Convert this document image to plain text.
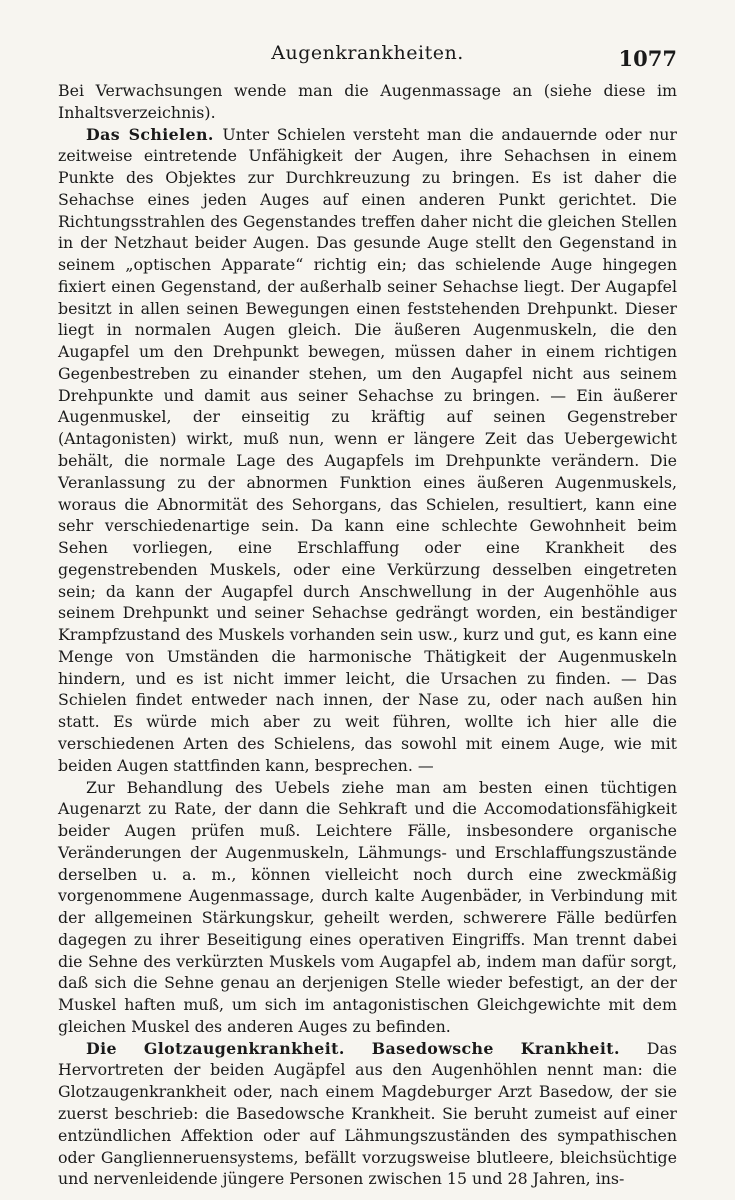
Augenkrankheiten.	1077

Bei Verwachsungen wende man die Augenmassage an (siehe diese im Inhaltsverzeichnis).

Das Schielen. Unter Schielen versteht man die andauernde oder nur zeitweise eintretende Unfähigkeit der Augen, ihre Sehachsen in einem Punkte des Objektes zur Durchkreuzung zu bringen. Es ist daher die Sehachse eines jeden Auges auf einen anderen Punkt gerichtet. Die Richtungsstrahlen des Gegenstandes treffen daher nicht die gleichen Stellen in der Netzhaut beider Augen. Das gesunde Auge stellt den Gegenstand in seinem „optischen Apparate“ richtig ein; das schielende Auge hingegen fixiert einen Gegenstand, der außerhalb seiner Sehachse liegt. Der Augapfel besitzt in allen seinen Bewegungen einen feststehenden Drehpunkt. Dieser liegt in normalen Augen gleich. Die äußeren Augenmuskeln, die den Augapfel um den Drehpunkt bewegen, müssen daher in einem richtigen Gegenbestreben zu einander stehen, um den Augapfel nicht aus seinem Drehpunkte und damit aus seiner Sehachse zu bringen. — Ein äußerer Augenmuskel, der einseitig zu kräftig auf seinen Gegenstreber (Antagonisten) wirkt, muß nun, wenn er längere Zeit das Uebergewicht behält, die normale Lage des Augapfels im Drehpunkte verändern. Die Veranlassung zu der abnormen Funktion eines äußeren Augenmuskels, woraus die Abnormität des Sehorgans, das Schielen, resultiert, kann eine sehr verschiedenartige sein. Da kann eine schlechte Gewohnheit beim Sehen vorliegen, eine Erschlaffung oder eine Krankheit des gegenstrebenden Muskels, oder eine Verkürzung desselben eingetreten sein; da kann der Augapfel durch Anschwellung in der Augenhöhle aus seinem Drehpunkt und seiner Sehachse gedrängt worden, ein beständiger Krampfzustand des Muskels vorhanden sein usw., kurz und gut, es kann eine Menge von Umständen die harmonische Thätigkeit der Augenmuskeln hindern, und es ist nicht immer leicht, die Ursachen zu finden. — Das Schielen findet entweder nach innen, der Nase zu, oder nach außen hin statt. Es würde mich aber zu weit führen, wollte ich hier alle die verschiedenen Arten des Schielens, das sowohl mit einem Auge, wie mit beiden Augen stattfinden kann, besprechen. —

Zur Behandlung des Uebels ziehe man am besten einen tüchtigen Augenarzt zu Rate, der dann die Sehkraft und die Accomodationsfähigkeit beider Augen prüfen muß. Leichtere Fälle, insbesondere organische Veränderungen der Augenmuskeln, Lähmungs- und Erschlaffungszustände derselben u. a. m., können vielleicht noch durch eine zweckmäßig vorgenommene Augenmassage, durch kalte Augenbäder, in Verbindung mit der allgemeinen Stärkungskur, geheilt werden, schwerere Fälle bedürfen dagegen zu ihrer Beseitigung eines operativen Eingriffs. Man trennt dabei die Sehne des verkürzten Muskels vom Augapfel ab, indem man dafür sorgt, daß sich die Sehne genau an derjenigen Stelle wieder befestigt, an der der Muskel haften muß, um sich im antagonistischen Gleichgewichte mit dem gleichen Muskel des anderen Auges zu befinden.

Die Glotzaugenkrankheit. Basedowsche Krankheit. Das Hervortreten der beiden Augäpfel aus den Augenhöhlen nennt man: die Glotzaugenkrankheit oder, nach einem Magdeburger Arzt Basedow, der sie zuerst beschrieb: die Basedowsche Krankheit. Sie beruht zumeist auf einer entzündlichen Affektion oder auf Lähmungszuständen des sympathischen oder Ganglienneruensystems, befällt vorzugsweise blutleere, bleichsüchtige und nervenleidende jüngere Personen zwischen 15 und 28 Jahren, ins-
